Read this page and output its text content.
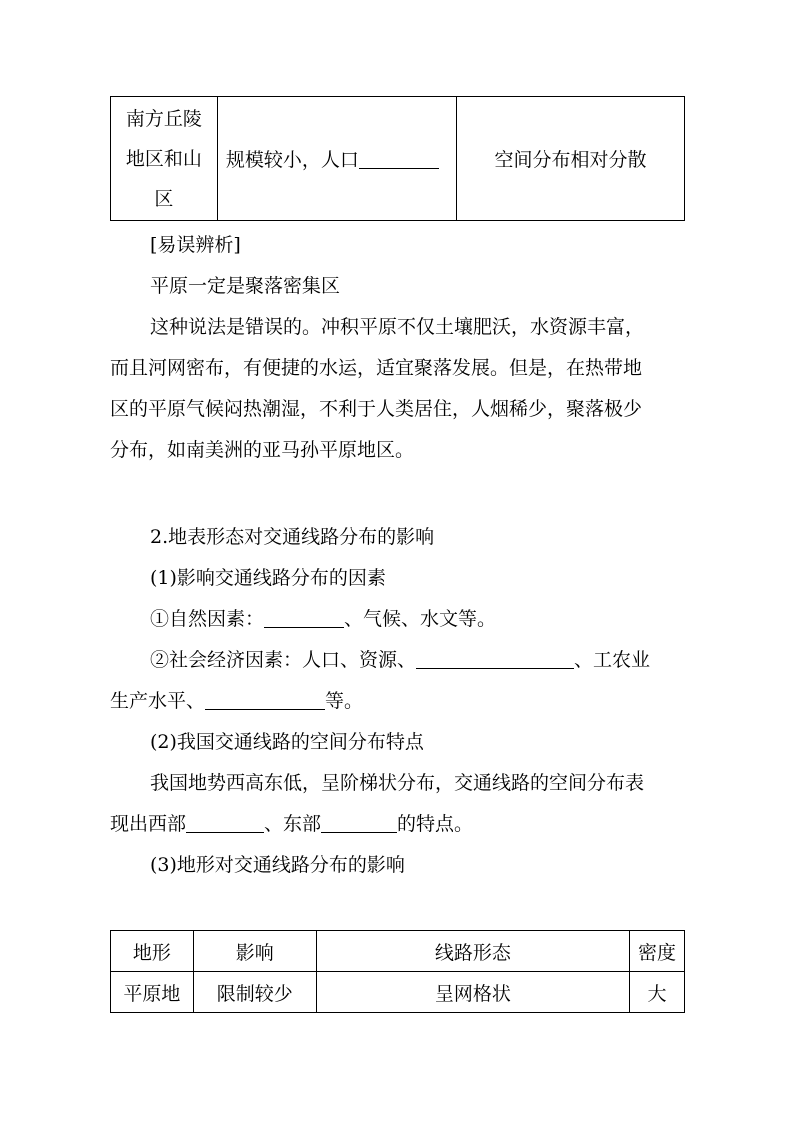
南方丘陵
地区和山
区
	规模较小，人口	空间分布相对分散
[易误辨析]
平原一定是聚落密集区
这种说法是错误的。冲积平原不仅土壤肥沃，水资源丰富，
而且河网密布，有便捷的水运，适宜聚落发展。但是，在热带地
区的平原气候闷热潮湿，不利于人类居住，人烟稀少，聚落极少
分布，如南美洲的亚马孙平原地区。
2.地表形态对交通线路分布的影响
(1)影响交通线路分布的因素
①自然因素：	、气候、水文等。
②社会经济因素：人口、资源、	、工农业
生产水平、	等。
(2)我国交通线路的空间分布特点
我国地势西高东低，呈阶梯状分布，交通线路的空间分布表
现出西部	、东部	的特点。
(3)地形对交通线路分布的影响
地形	影响	线路形态	密度
平原地	限制较少	呈网格状	大
